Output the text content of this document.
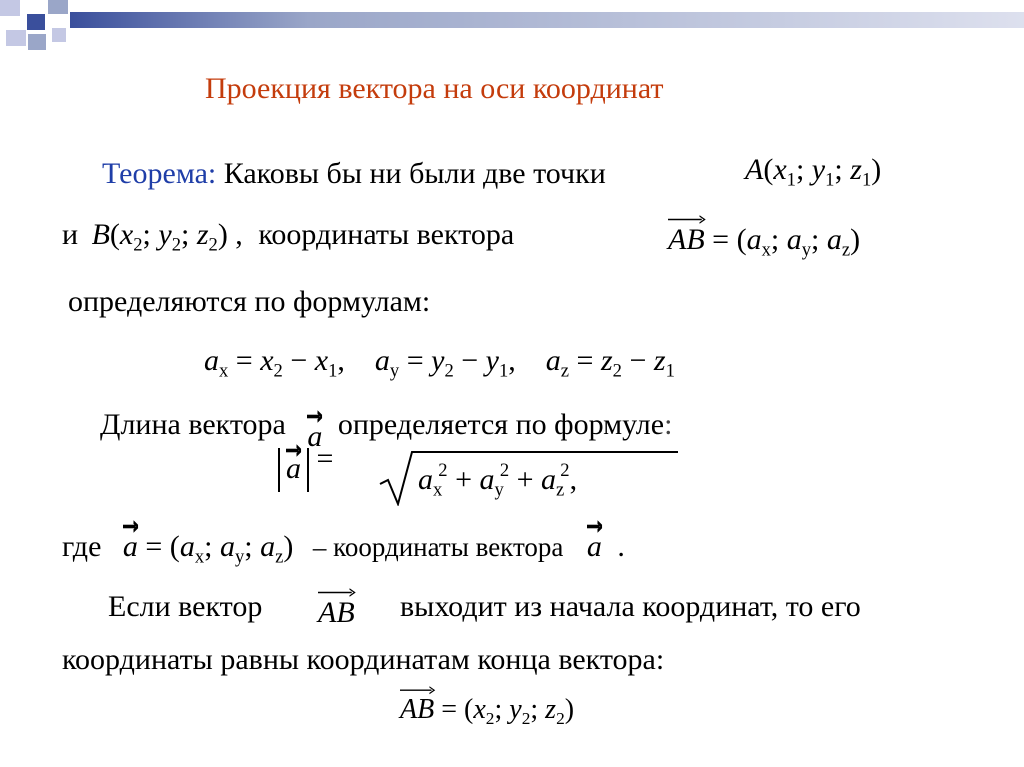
Проекция вектора на оси координат
Теорема: Каковы бы ни были две точки	$A(x_1$; $y_1$; $z_1$)
и $B(x_2$; $y_2$; $z_2$) , координаты вектора	AB
= ($a_x$; $a_y$; $a_z$)
определяются по формулам:
$a_x = x_2 - x_1$,    $a_y = y_2 - y_1$,    $a_z = z_2 - z_1$
Длина вектора a определяется по формуле:
a
=
$a_x^2 + a_y^2 + a_z^2$,
где a
= ($a_x$; $a_y$; $a_z$) – координаты вектора a .
Если вектор AB выходит из начала координат, то его
координаты равны координатам конца вектора:
AB
= ($x_2$; $y_2$; $z_2$)
